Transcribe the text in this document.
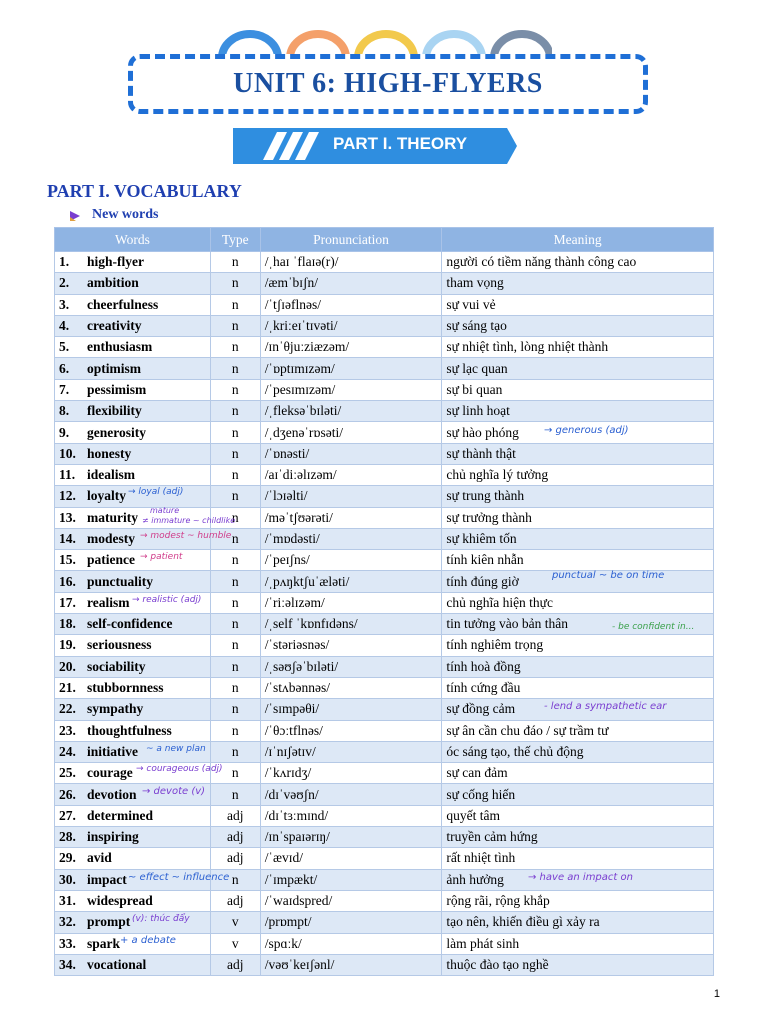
UNIT 6: HIGH-FLYERS
PART I. THEORY
PART I. VOCABULARY
New words
Words	Type	Pronunciation	Meaning
1. high-flyer	n	/ˌhaɪ ˈflaɪə(r)/	người có tiềm năng thành công cao
2. ambition	n	/æmˈbɪʃn/	tham vọng
3. cheerfulness	n	/ˈtʃɪəflnəs/	sự vui vẻ
4. creativity	n	/ˌkriːeɪˈtɪvəti/	sự sáng tạo
5. enthusiasm	n	/ɪnˈθjuːziæzəm/	sự nhiệt tình, lòng nhiệt thành
6. optimism	n	/ˈɒptɪmɪzəm/	sự lạc quan
7. pessimism	n	/ˈpesɪmɪzəm/	sự bi quan
8. flexibility	n	/ˌfleksəˈbɪləti/	sự linh hoạt
9. generosity	n	/ˌdʒenəˈrɒsəti/	sự hào phóng
10. honesty	n	/ˈɒnəsti/	sự thành thật
11. idealism	n	/aɪˈdiːəlɪzəm/	chủ nghĩa lý tưởng
12. loyalty	n	/ˈlɔɪəlti/	sự trung thành
13. maturity	n	/məˈtʃʊərəti/	sự trưởng thành
14. modesty	n	/ˈmɒdəsti/	sự khiêm tốn
15. patience	n	/ˈpeɪʃns/	tính kiên nhẫn
16. punctuality	n	/ˌpʌŋktʃuˈæləti/	tính đúng giờ
17. realism	n	/ˈriːəlɪzəm/	chủ nghĩa hiện thực
18. self-confidence	n	/ˌself ˈkɒnfɪdəns/	tin tưởng vào bản thân
19. seriousness	n	/ˈstəriəsnəs/	tính nghiêm trọng
20. sociability	n	/ˌsəʊʃəˈbɪləti/	tính hoà đồng
21. stubbornness	n	/ˈstʌbənnəs/	tính cứng đầu
22. sympathy	n	/ˈsɪmpəθi/	sự đồng cảm
23. thoughtfulness	n	/ˈθɔːtflnəs/	sự ân cần chu đáo / sự trầm tư
24. initiative	n	/ɪˈnɪʃətɪv/	óc sáng tạo, thế chủ động
25. courage	n	/ˈkʌrɪdʒ/	sự can đảm
26. devotion	n	/dɪˈvəʊʃn/	sự cống hiến
27. determined	adj	/dɪˈtɜːmɪnd/	quyết tâm
28. inspiring	adj	/ɪnˈspaɪərɪŋ/	truyền cảm hứng
29. avid	adj	/ˈævɪd/	rất nhiệt tình
30. impact	n	/ˈɪmpækt/	ảnh hưởng
31. widespread	adj	/ˈwaɪdspred/	rộng rãi, rộng khắp
32. prompt	v	/prɒmpt/	tạo nên, khiến điều gì xảy ra
33. spark	v	/spɑːk/	làm phát sinh
34. vocational	adj	/vəʊˈkeɪʃənl/	thuộc đào tạo nghề
→ generous (adj)
→ loyal (adj)
mature
≠ immature ~ childlike
→ modest ~ humble
→ patient
punctual ~ be on time
→ realistic (adj)
- be confident in...
- lend a sympathetic ear
~ a new plan
→ courageous (adj)
→ devote (v)
~ effect ~ influence	→ have an impact on
(v): thúc đẩy
+ a debate
1
